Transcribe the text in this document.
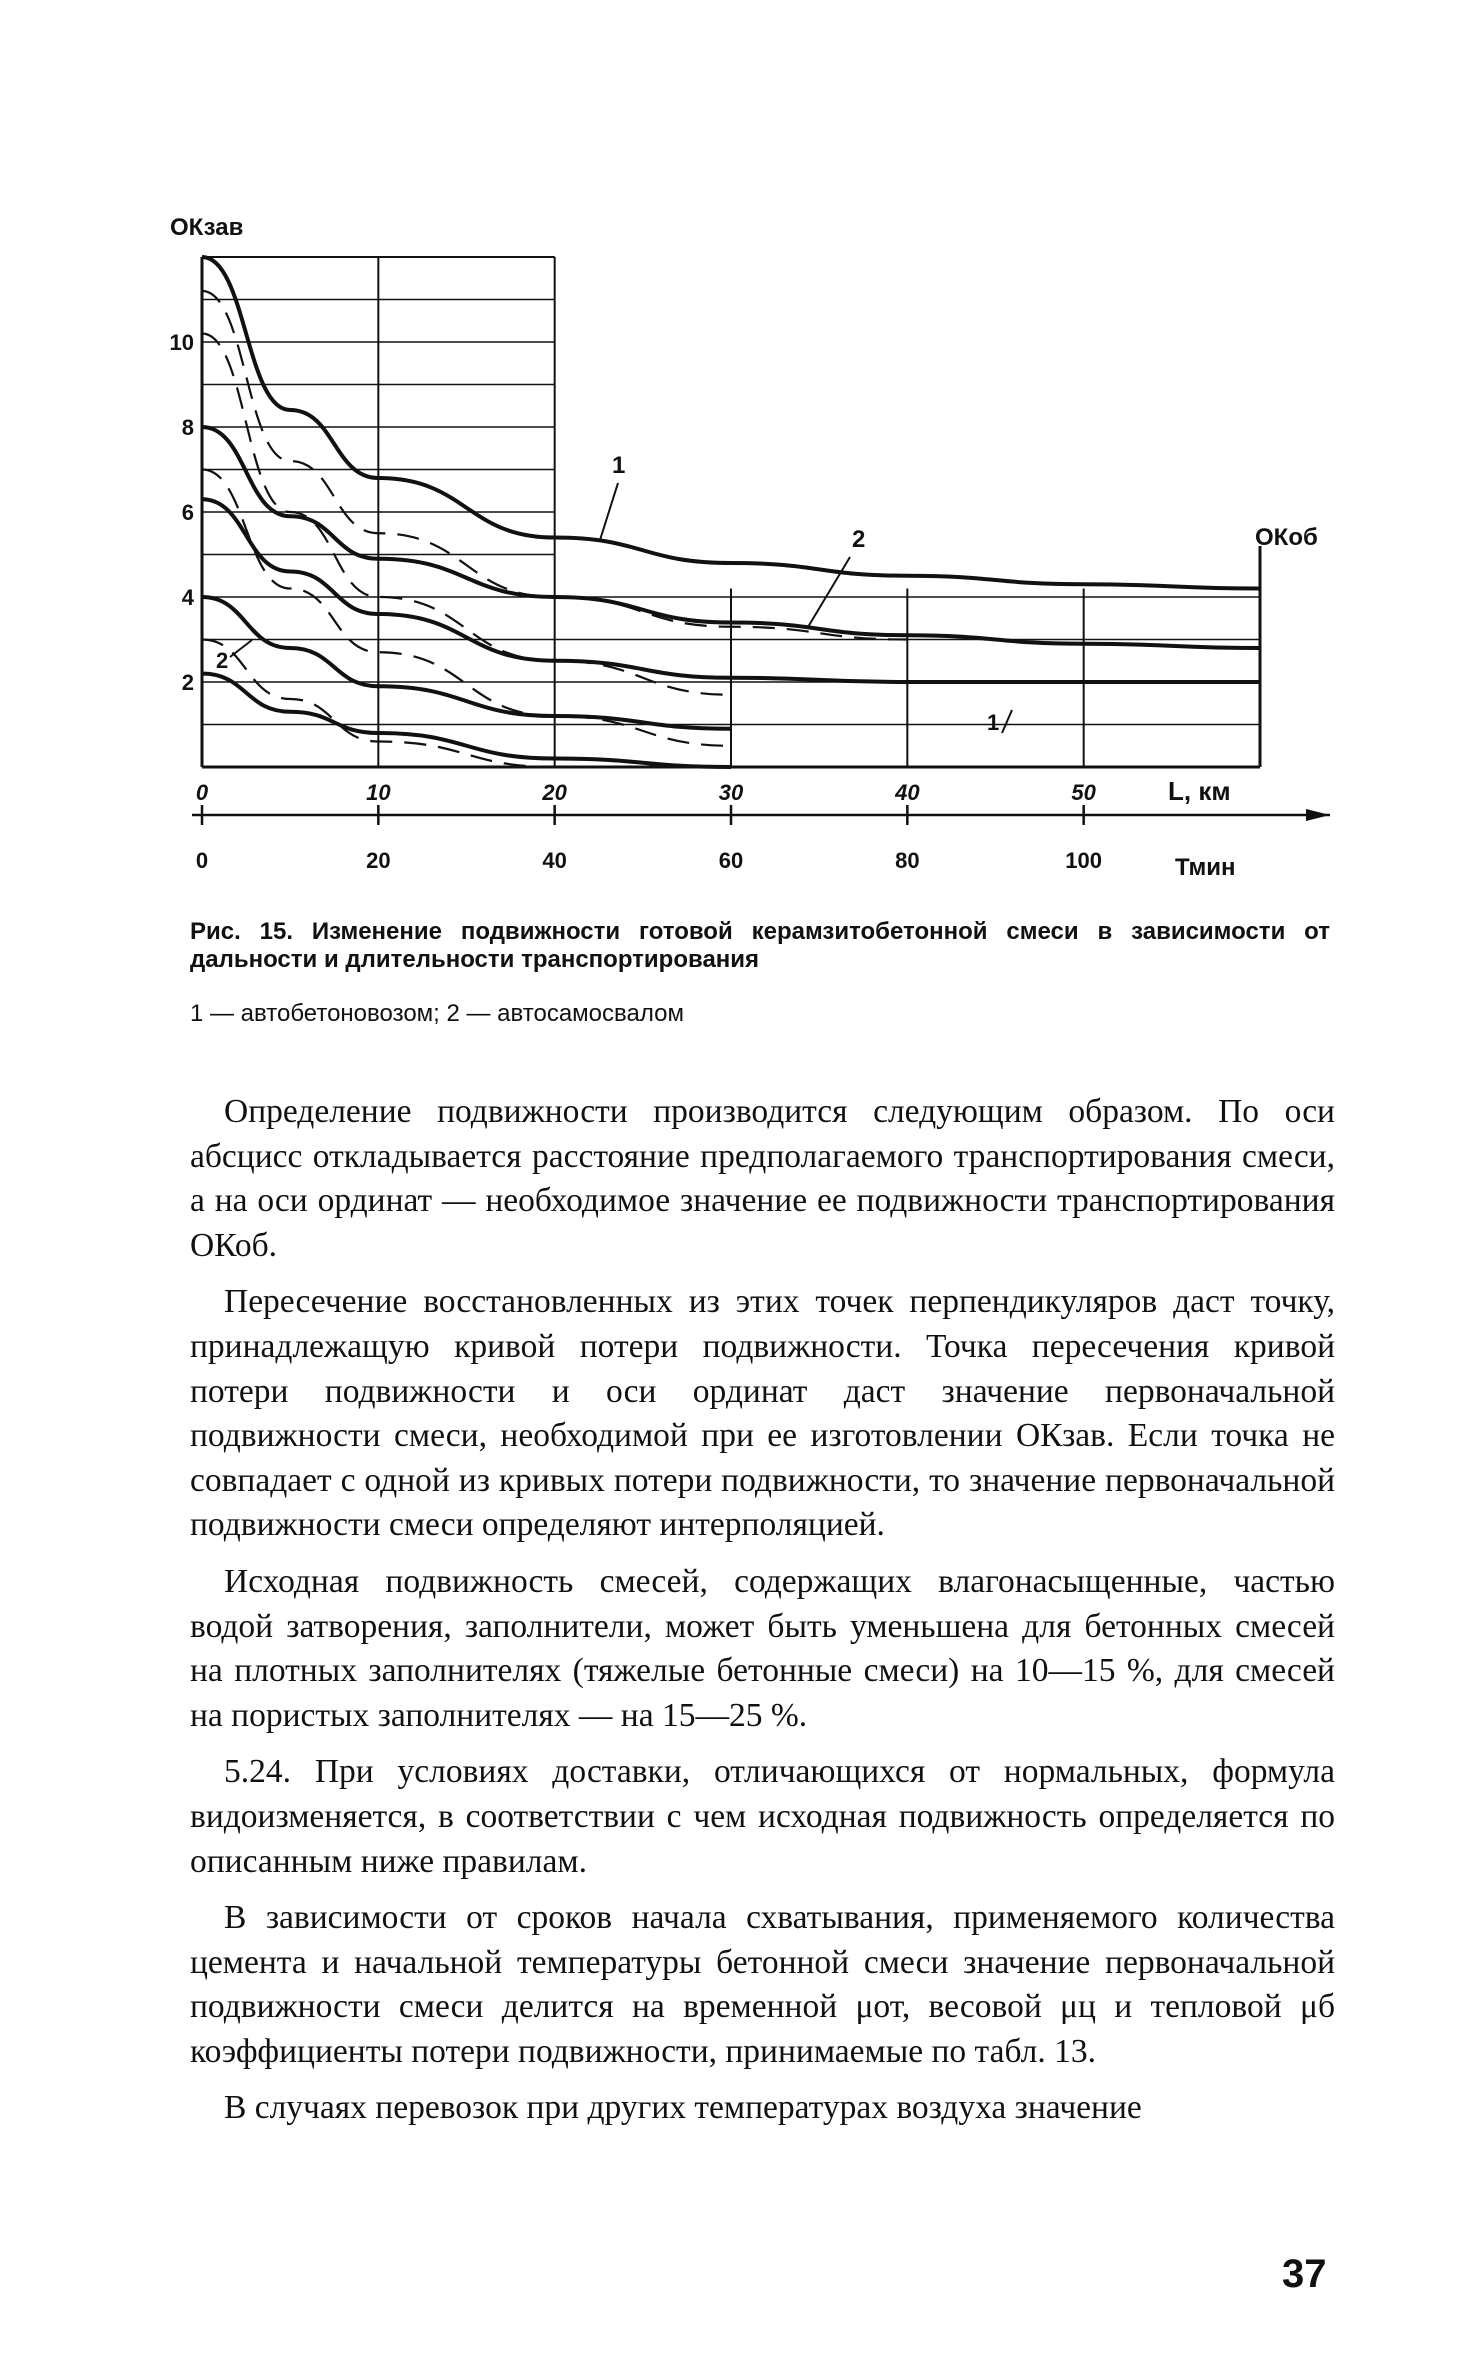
ОКзав
ОКоб
2
4
6
8
10
1
2
1
2
0	10	20	30	40	50	L, км
0	20	40	60	80	100	Тмин
Рис. 15. Изменение подвижности готовой керамзитобетонной смеси в зависимости от дальности и длительности транспортирования
1 — автобетоновозом; 2 — автосамосвалом

Определение подвижности производится следующим образом. По оси абсцисс откладывается расстояние предполагаемого транспортирования смеси, а на оси ординат — необходимое значение ее подвижности транспортирования ОКоб.

Пересечение восстановленных из этих точек перпендикуляров даст точку, принадлежащую кривой потери подвижности. Точка пересечения кривой потери подвижности и оси ординат даст значение первоначальной подвижности смеси, необходимой при ее изготовлении ОКзав. Если точка не совпадает с одной из кривых потери подвижности, то значение первоначальной подвижности смеси определяют интерполяцией.

Исходная подвижность смесей, содержащих влагонасыщенные, частью водой затворения, заполнители, может быть уменьшена для бетонных смесей на плотных заполнителях (тяжелые бетонные смеси) на 10—15 %, для смесей на пористых заполнителях — на 15—25 %.

5.24. При условиях доставки, отличающихся от нормальных, формула видоизменяется, в соответствии с чем исходная подвижность определяется по описанным ниже правилам.

В зависимости от сроков начала схватывания, применяемого количества цемента и начальной температуры бетонной смеси значение первоначальной подвижности смеси делится на временной μот, весовой μц и тепловой μб коэффициенты потери подвижности, принимаемые по табл. 13.

В случаях перевозок при других температурах воздуха значение

37
